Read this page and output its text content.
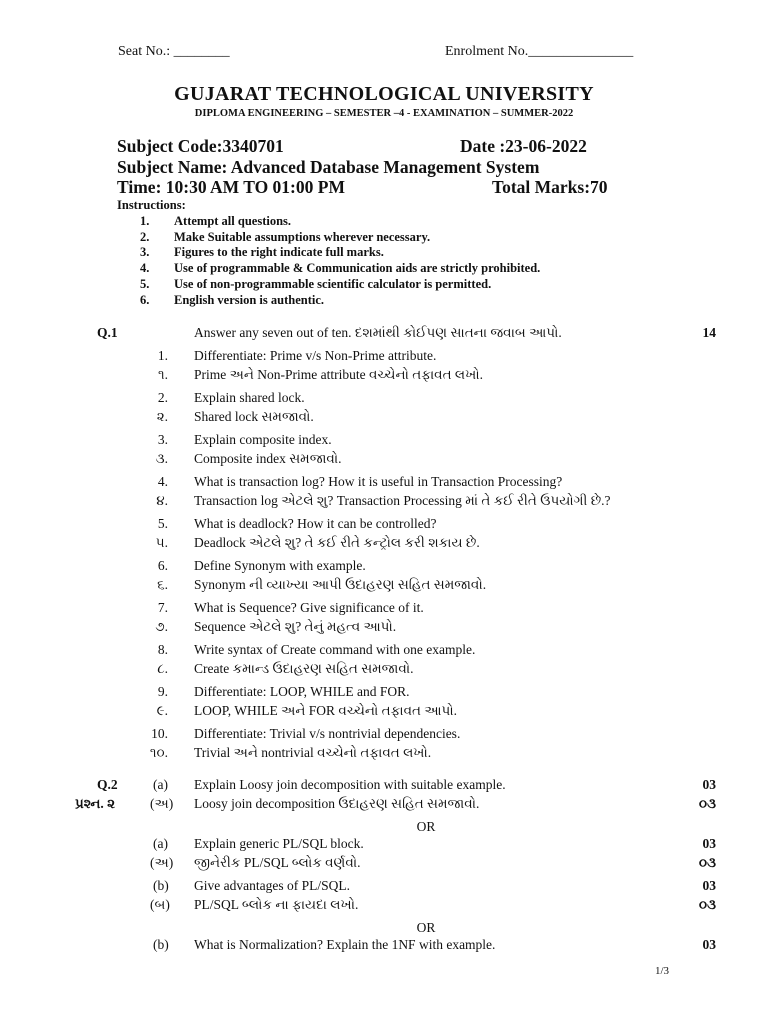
Seat No.: ________	Enrolment No._______________
GUJARAT TECHNOLOGICAL UNIVERSITY
DIPLOMA ENGINEERING – SEMESTER –4 - EXAMINATION – SUMMER-2022
Subject Code:3340701	Date :23-06-2022
Subject Name: Advanced Database Management System
Time: 10:30 AM TO 01:00 PM	Total Marks:70
Instructions:
1. Attempt all questions.
2. Make Suitable assumptions wherever necessary.
3. Figures to the right indicate full marks.
4. Use of programmable & Communication aids are strictly prohibited.
5. Use of non-programmable scientific calculator is permitted.
6. English version is authentic.
Q.1	Answer any seven out of ten. દશમાંથી કોઈપણ સાતના જવાબ આપો.	14
1. Differentiate: Prime v/s Non-Prime attribute.
૧. Prime અને Non-Prime attribute વચ્ચેનો તફાવત લખો.
2. Explain shared lock.
૨. Shared lock સમજાવો.
3. Explain composite index.
૩. Composite index સમજાવો.
4. What is transaction log? How it is useful in Transaction Processing?
૪. Transaction log એટલે શુ? Transaction Processing માં તે કઈ રીતે ઉપયોગી છે.?
5. What is deadlock? How it can be controlled?
૫. Deadlock એટલે શુ? તે કઈ રીતે કન્ટ્રોલ કરી શકાય છે.
6. Define Synonym with example.
૬. Synonym ની વ્યાખ્યા આપી ઉદાહરણ સહિત સમજાવો.
7. What is Sequence? Give significance of it.
૭. Sequence એટલે શુ? તેનું મહત્વ આપો.
8. Write syntax of Create command with one example.
૮. Create કમાન્ડ ઉદાહરણ સહિત સમજાવો.
9. Differentiate: LOOP, WHILE and FOR.
૯. LOOP, WHILE અને FOR વચ્ચેનો તફાવત આપો.
10. Differentiate: Trivial v/s nontrivial dependencies.
૧૦. Trivial અને nontrivial વચ્ચેનો તફાવત લખો.
Q.2
પ્રશ્ન. ૨
(a) Explain Loosy join decomposition with suitable example.	03
(અ) Loosy join decomposition ઉદાહરણ સહિત સમજાવો.	૦૩
(a) Explain generic PL/SQL block.	03
(અ) જીનેરીક PL/SQL બ્લોક વર્ણવો.	૦૩
(b) Give advantages of PL/SQL.	03
(બ) PL/SQL બ્લોક ના ફાયદા લખો.	૦૩
(b) What is Normalization? Explain the 1NF with example.	03
OR
OR
1/3
